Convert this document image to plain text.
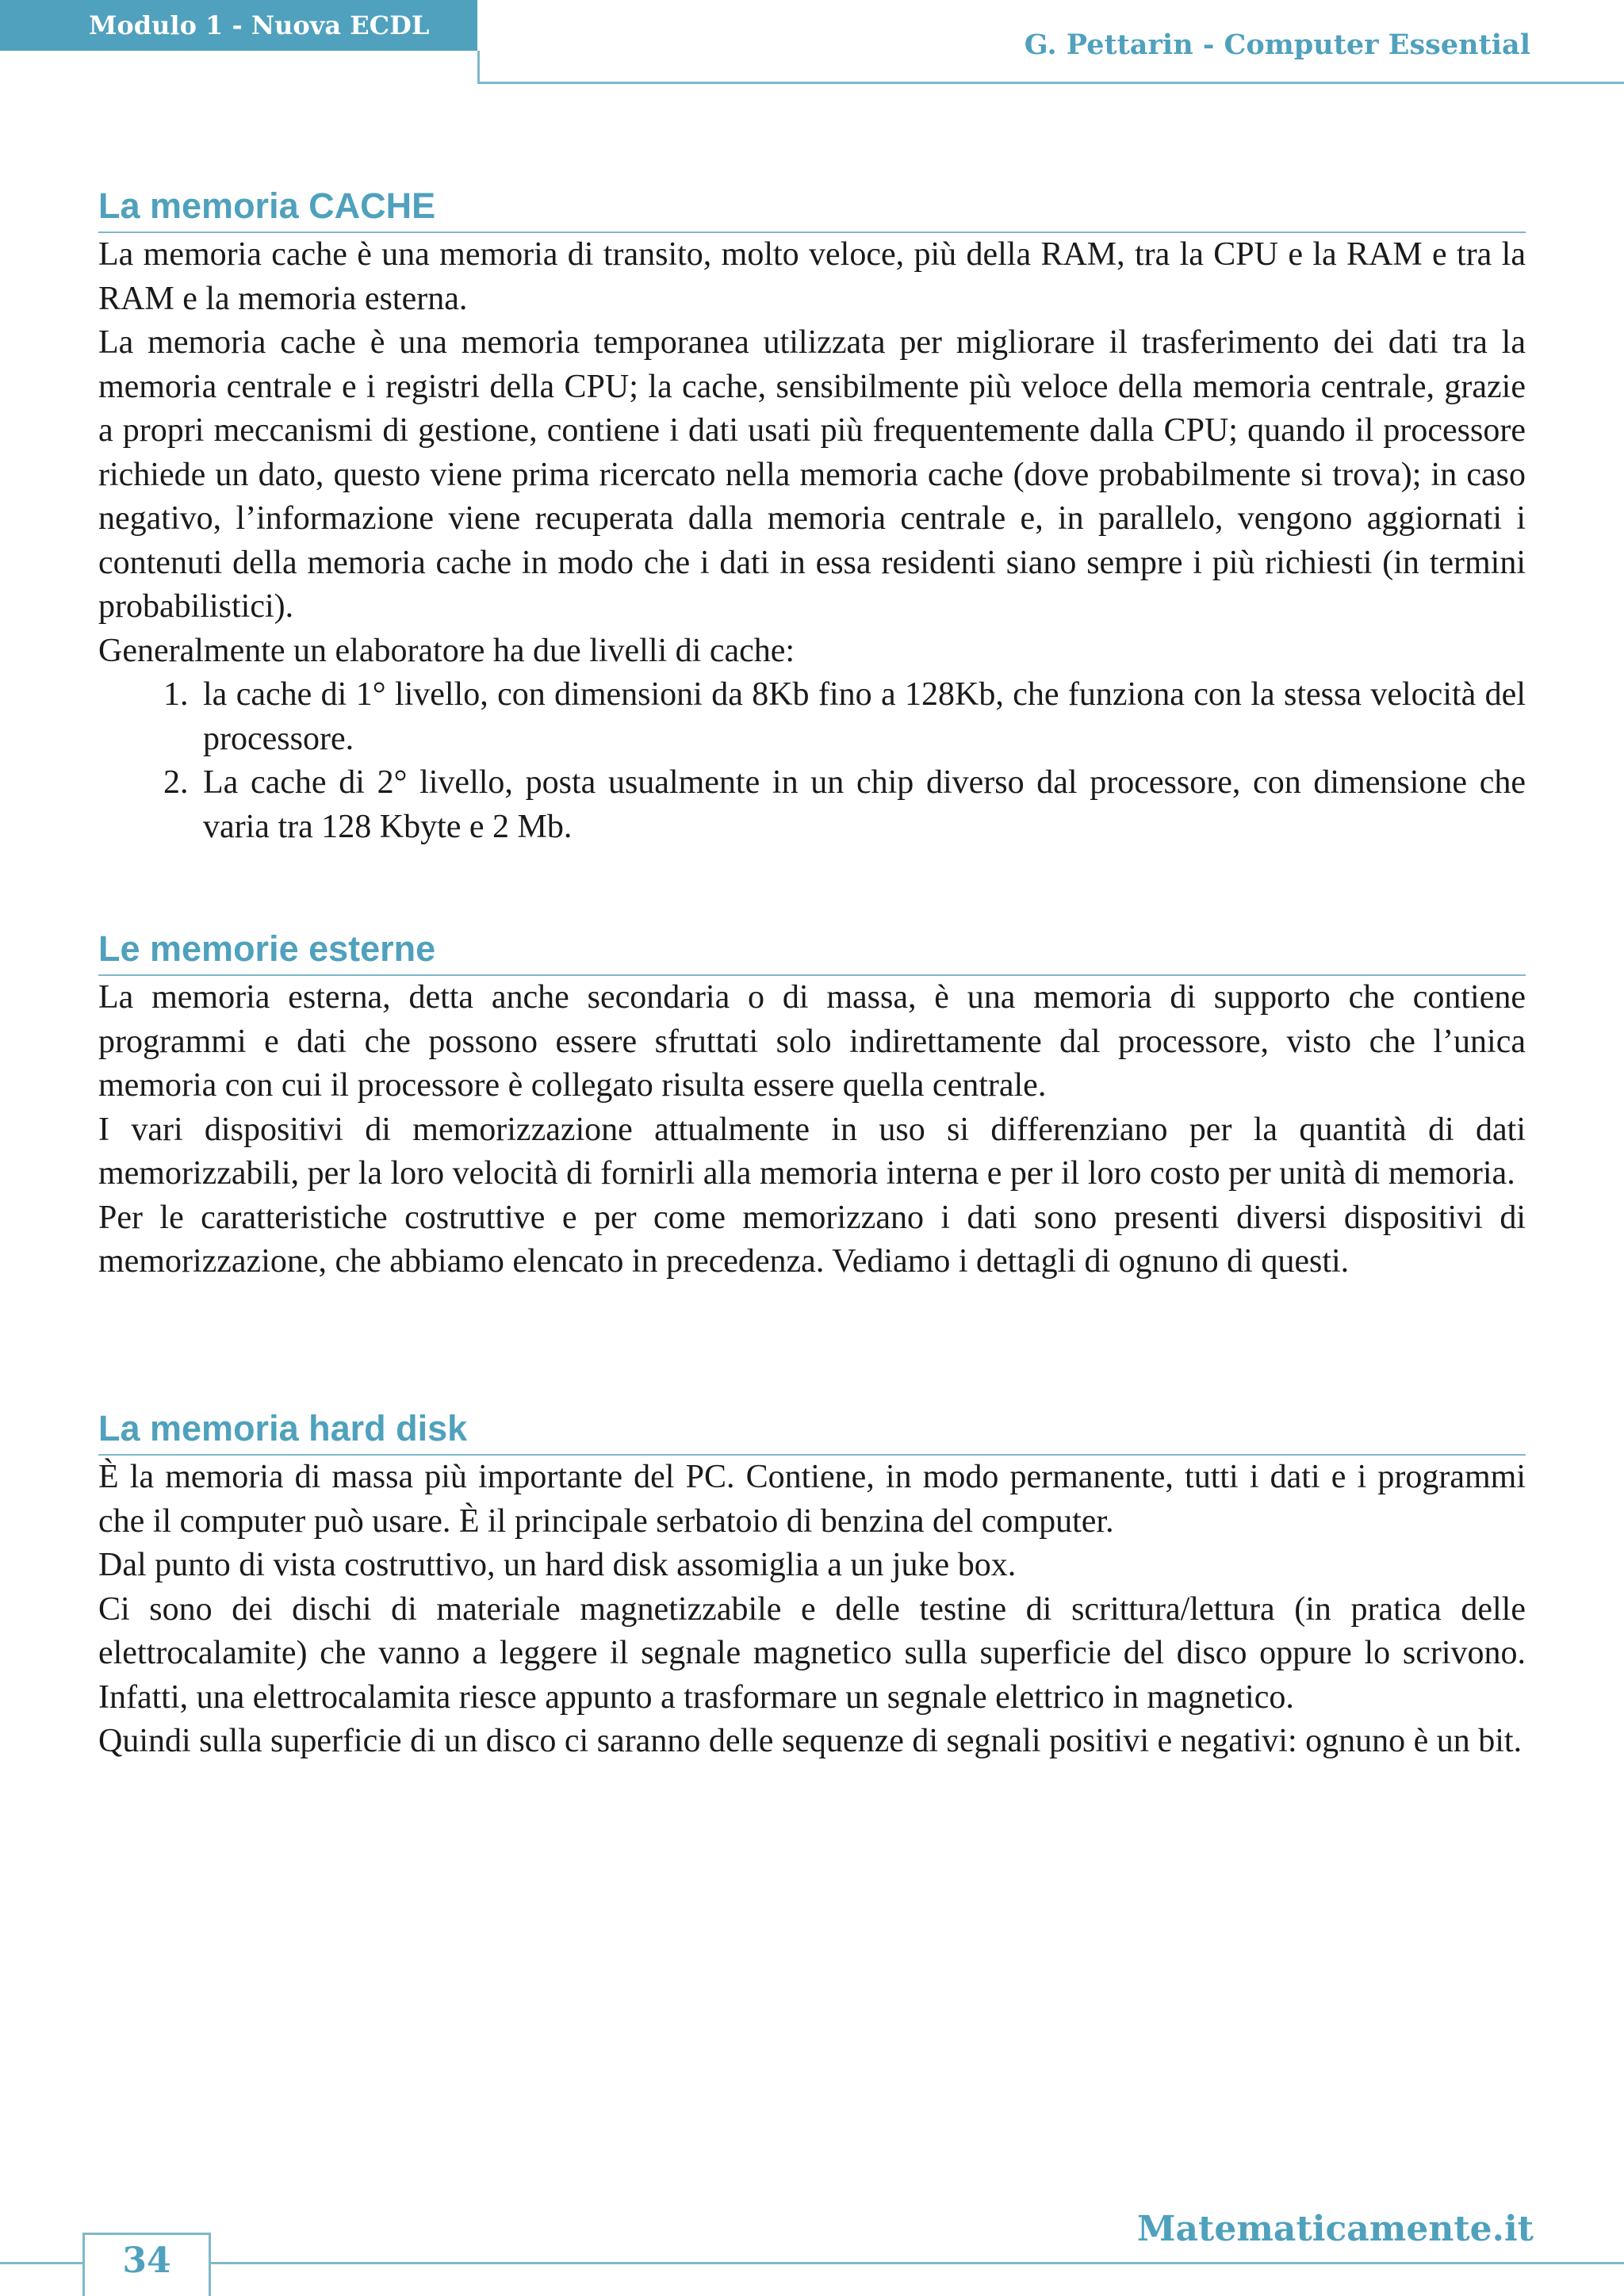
Modulo 1 - Nuova ECDL
G. Pettarin - Computer Essential
La memoria CACHE

La memoria cache è una memoria di transito, molto veloce, più della RAM, tra la CPU e la RAM e tra la RAM e la memoria esterna.

La memoria cache è una memoria temporanea utilizzata per migliorare il trasferimento dei dati tra la memoria centrale e i registri della CPU; la cache, sensibilmente più veloce della memoria centrale, grazie a propri meccanismi di gestione, contiene i dati usati più frequentemente dalla CPU; quando il processore richiede un dato, questo viene prima ricercato nella memoria cache (dove probabilmente si trova); in caso negativo, l’informazione viene recuperata dalla memoria centrale e, in parallelo, vengono aggiornati i contenuti della memoria cache in modo che i dati in essa residenti siano sempre i più richiesti (in termini probabilistici).

Generalmente un elaboratore ha due livelli di cache:

1. la cache di 1° livello, con dimensioni da 8Kb fino a 128Kb, che funziona con la stessa velocità del processore.
2. La cache di 2° livello, posta usualmente in un chip diverso dal processore, con dimensione che varia tra 128 Kbyte e 2 Mb.
Le memorie esterne

La memoria esterna, detta anche secondaria o di massa, è una memoria di supporto che contiene programmi e dati che possono essere sfruttati solo indirettamente dal processore, visto che l’unica memoria con cui il processore è collegato risulta essere quella centrale.

I vari dispositivi di memorizzazione attualmente in uso si differenziano per la quantità di dati memorizzabili, per la loro velocità di fornirli alla memoria interna e per il loro costo per unità di memoria.

Per le caratteristiche costruttive e per come memorizzano i dati sono presenti diversi dispositivi di memorizzazione, che abbiamo elencato in precedenza. Vediamo i dettagli di ognuno di questi.

La memoria hard disk

È la memoria di massa più importante del PC. Contiene, in modo permanente, tutti i dati e i programmi che il computer può usare. È il principale serbatoio di benzina del computer.

Dal punto di vista costruttivo, un hard disk assomiglia a un juke box.

Ci sono dei dischi di materiale magnetizzabile e delle testine di scrittura/lettura (in pratica delle elettrocalamite) che vanno a leggere il segnale magnetico sulla superficie del disco oppure lo scrivono. Infatti, una elettrocalamita riesce appunto a trasformare un segnale elettrico in magnetico.

Quindi sulla superficie di un disco ci saranno delle sequenze di segnali positivi e negativi: ognuno è un bit.

Matematicamente.it
34
